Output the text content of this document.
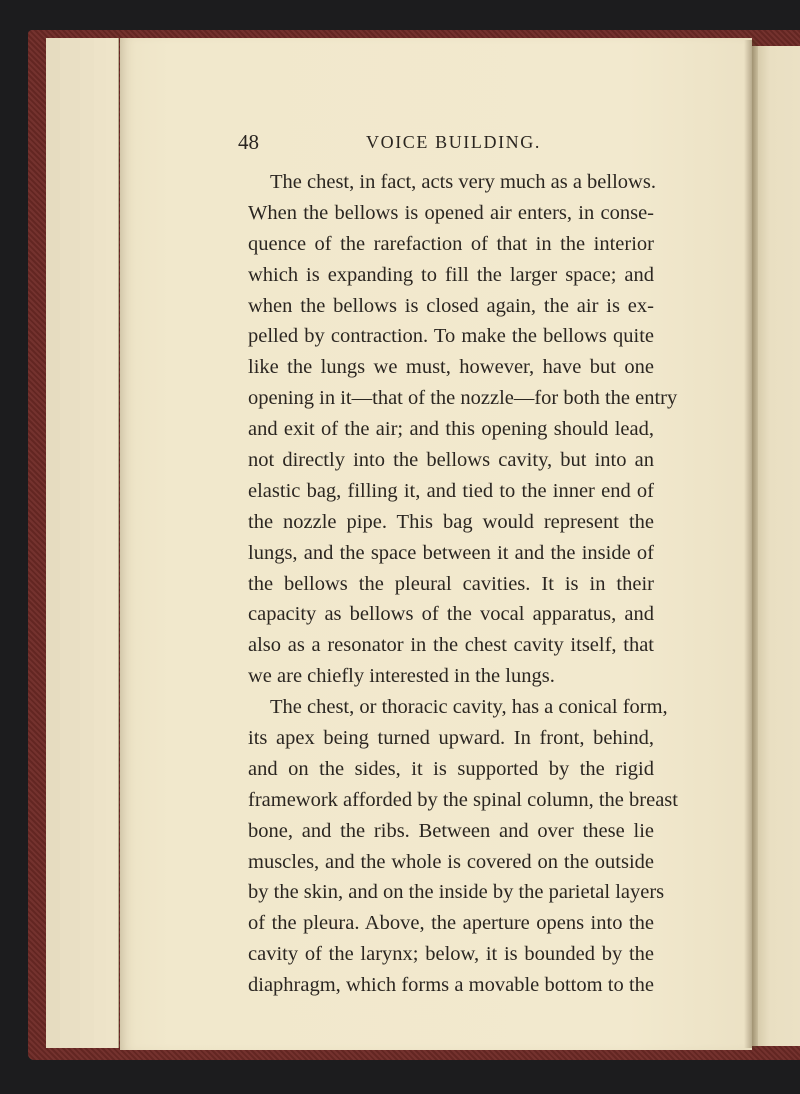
48	VOICE BUILDING.
The chest, in fact, acts very much as a bellows.
When the bellows is opened air enters, in conse-
quence of the rarefaction of that in the interior
which is expanding to fill the larger space; and
when the bellows is closed again, the air is ex-
pelled by contraction. To make the bellows quite
like the lungs we must, however, have but one
opening in it—that of the nozzle—for both the entry
and exit of the air; and this opening should lead,
not directly into the bellows cavity, but into an
elastic bag, filling it, and tied to the inner end of
the nozzle pipe. This bag would represent the
lungs, and the space between it and the inside of
the bellows the pleural cavities. It is in their
capacity as bellows of the vocal apparatus, and
also as a resonator in the chest cavity itself, that
we are chiefly interested in the lungs.
The chest, or thoracic cavity, has a conical form,
its apex being turned upward. In front, behind,
and on the sides, it is supported by the rigid
framework afforded by the spinal column, the breast
bone, and the ribs. Between and over these lie
muscles, and the whole is covered on the outside
by the skin, and on the inside by the parietal layers
of the pleura. Above, the aperture opens into the
cavity of the larynx; below, it is bounded by the
diaphragm, which forms a movable bottom to the
